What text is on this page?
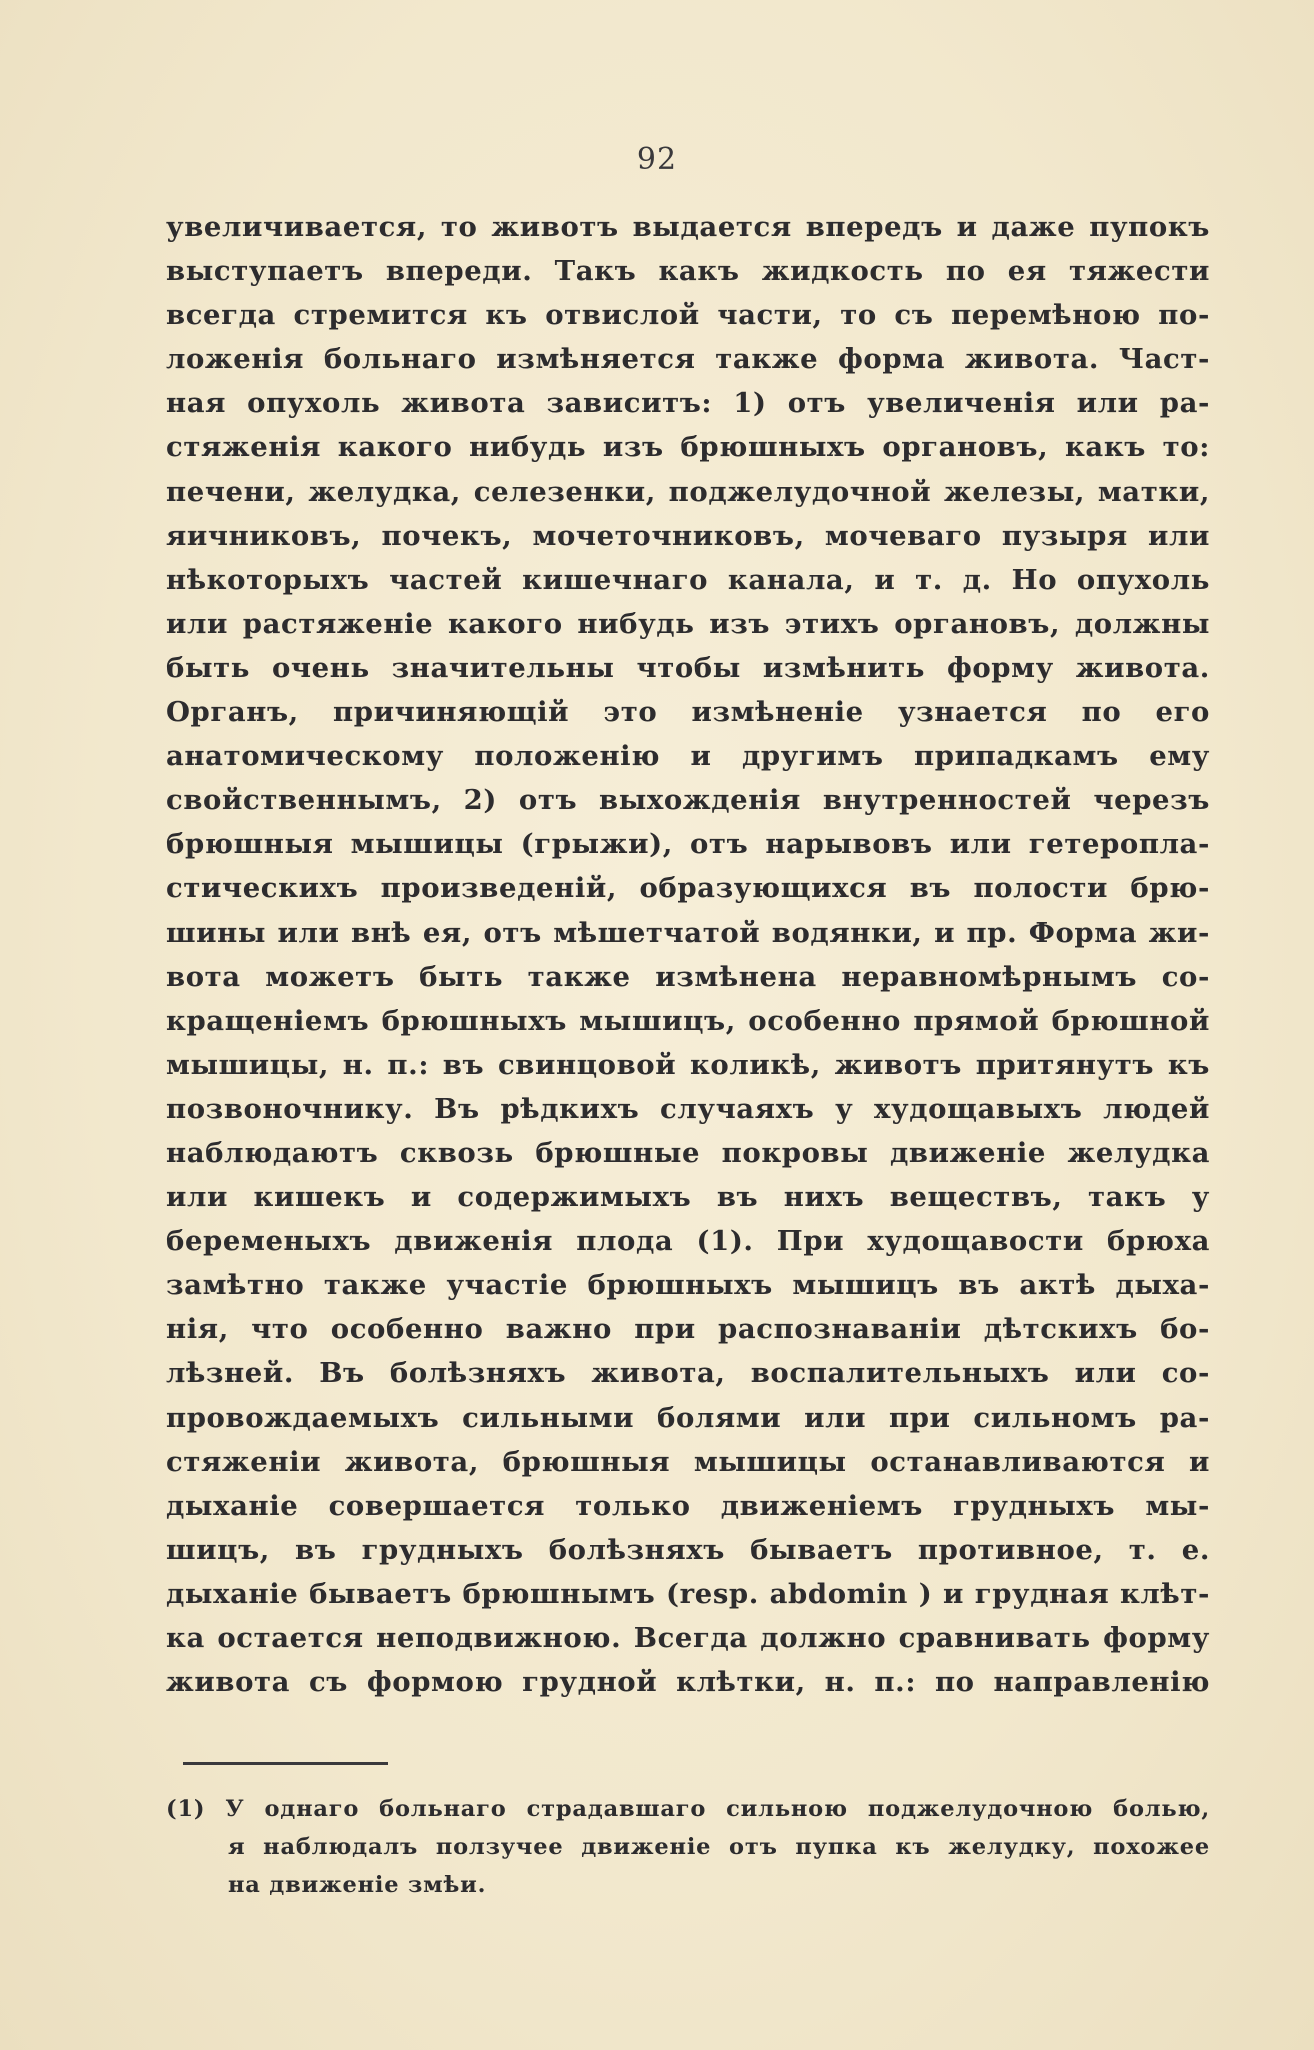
92
увеличивается, то животъ выдается впередъ и даже пупокъ
выступаетъ впереди. Такъ какъ жидкость по ея тяжести
всегда стремится къ отвислой части, то съ перемѣною по-
ложенія больнаго измѣняется также форма живота. Част-
ная опухоль живота зависитъ: 1) отъ увеличенія или ра-
стяженія какого нибудь изъ брюшныхъ органовъ, какъ то:
печени, желудка, селезенки, поджелудочной железы, матки,
яичниковъ, почекъ, мочеточниковъ, мочеваго пузыря или
нѣкоторыхъ частей кишечнаго канала, и т. д. Но опухоль
или растяженіе какого нибудь изъ этихъ органовъ, должны
быть очень значительны чтобы измѣнить форму живота.
Органъ, причиняющій это измѣненіе узнается по его
анатомическому положенію и другимъ припадкамъ ему
свойственнымъ, 2) отъ выхожденія внутренностей черезъ
брюшныя мышицы (грыжи), отъ нарывовъ или гетеропла-
стическихъ произведеній, образующихся въ полости брю-
шины или внѣ ея, отъ мѣшетчатой водянки, и пр. Форма жи-
вота можетъ быть также измѣнена неравномѣрнымъ со-
кращеніемъ брюшныхъ мышицъ, особенно прямой брюшной
мышицы, н. п.: въ свинцовой коликѣ, животъ притянутъ къ
позвоночнику. Въ рѣдкихъ случаяхъ у худощавыхъ людей
наблюдаютъ сквозь брюшные покровы движеніе желудка
или кишекъ и содержимыхъ въ нихъ веществъ, такъ у
беременыхъ движенія плода (1). При худощавости брюха
замѣтно также участіе брюшныхъ мышицъ въ актѣ дыха-
нія, что особенно важно при распознаваніи дѣтскихъ бо-
лѣзней. Въ болѣзняхъ живота, воспалительныхъ или со-
провождаемыхъ сильными болями или при сильномъ ра-
стяженіи живота, брюшныя мышицы останавливаются и
дыханіе совершается только движеніемъ грудныхъ мы-
шицъ, въ грудныхъ болѣзняхъ бываетъ противное, т. е.
дыханіе бываетъ брюшнымъ (resp. abdomin ) и грудная клѣт-
ка остается неподвижною. Всегда должно сравнивать форму
живота съ формою грудной клѣтки, н. п.: по направленію
(1) У однаго больнаго страдавшаго сильною поджелудочною болью,
я наблюдалъ ползучее движеніе отъ пупка къ желудку, похожее
на движеніе змѣи.
